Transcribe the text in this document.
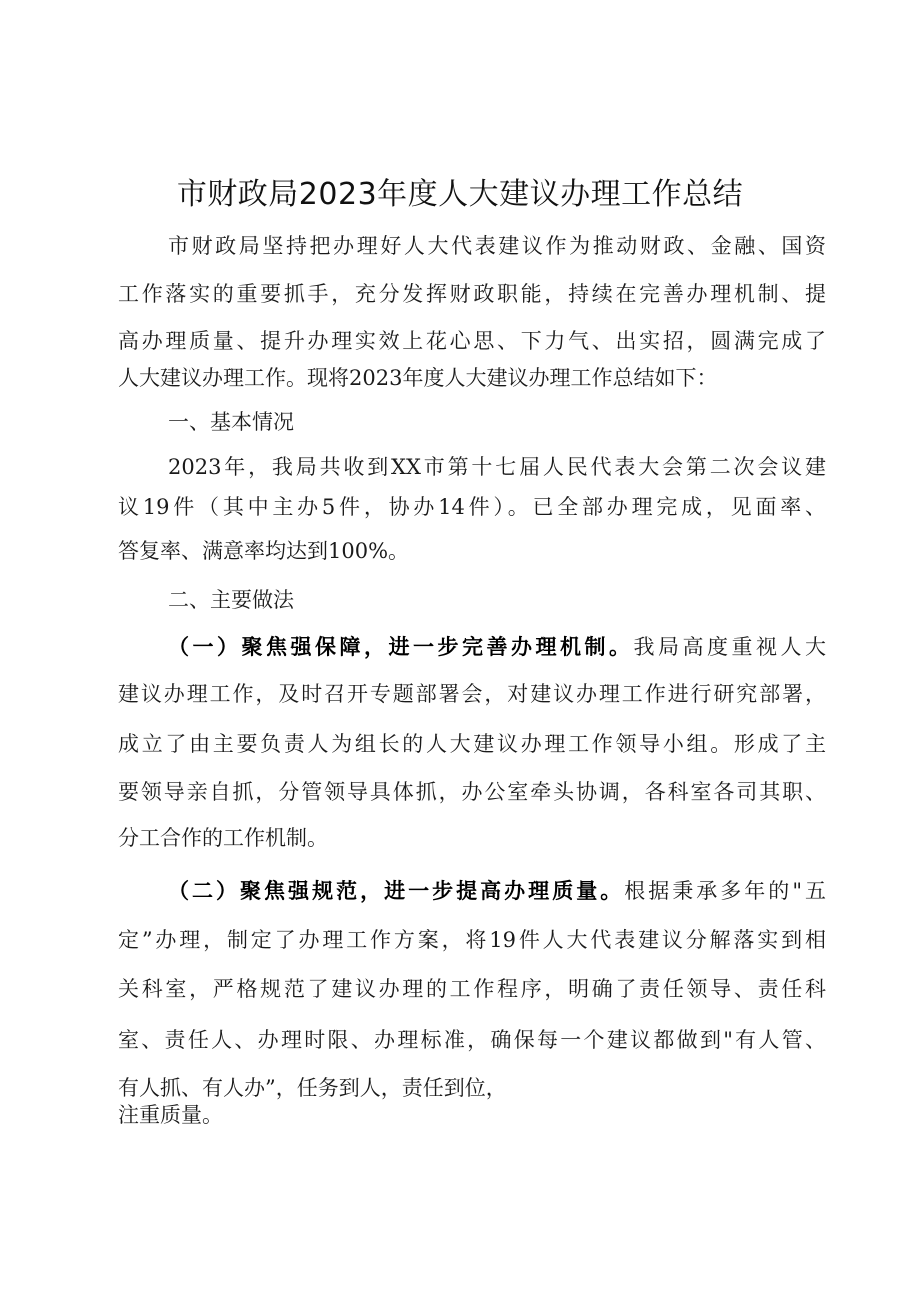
市财政局2023年度人大建议办理工作总结
市财政局坚持把办理好人大代表建议作为推动财政、金融、国资
工作落实的重要抓手，充分发挥财政职能，持续在完善办理机制、提
高办理质量、提升办理实效上花心思、下力气、出实招，圆满完成了
人大建议办理工作。现将2023年度人大建议办理工作总结如下：
一、基本情况
2023年，我局共收到XX市第十七届人民代表大会第二次会议建
议19件（其中主办5件，协办14件）。已全部办理完成，见面率、
答复率、满意率均达到100%。
二、主要做法
（一）聚焦强保障，进一步完善办理机制。我局高度重视人大
建议办理工作，及时召开专题部署会，对建议办理工作进行研究部署，
成立了由主要负责人为组长的人大建议办理工作领导小组。形成了主
要领导亲自抓，分管领导具体抓，办公室牵头协调，各科室各司其职、
分工合作的工作机制。
（二）聚焦强规范，进一步提高办理质量。根据秉承多年的"五
定”办理，制定了办理工作方案，将19件人大代表建议分解落实到相
关科室，严格规范了建议办理的工作程序，明确了责任领导、责任科
室、责任人、办理时限、办理标准，确保每一个建议都做到"有人管、
有人抓、有人办”，任务到人，责任到位，
注重质量。
